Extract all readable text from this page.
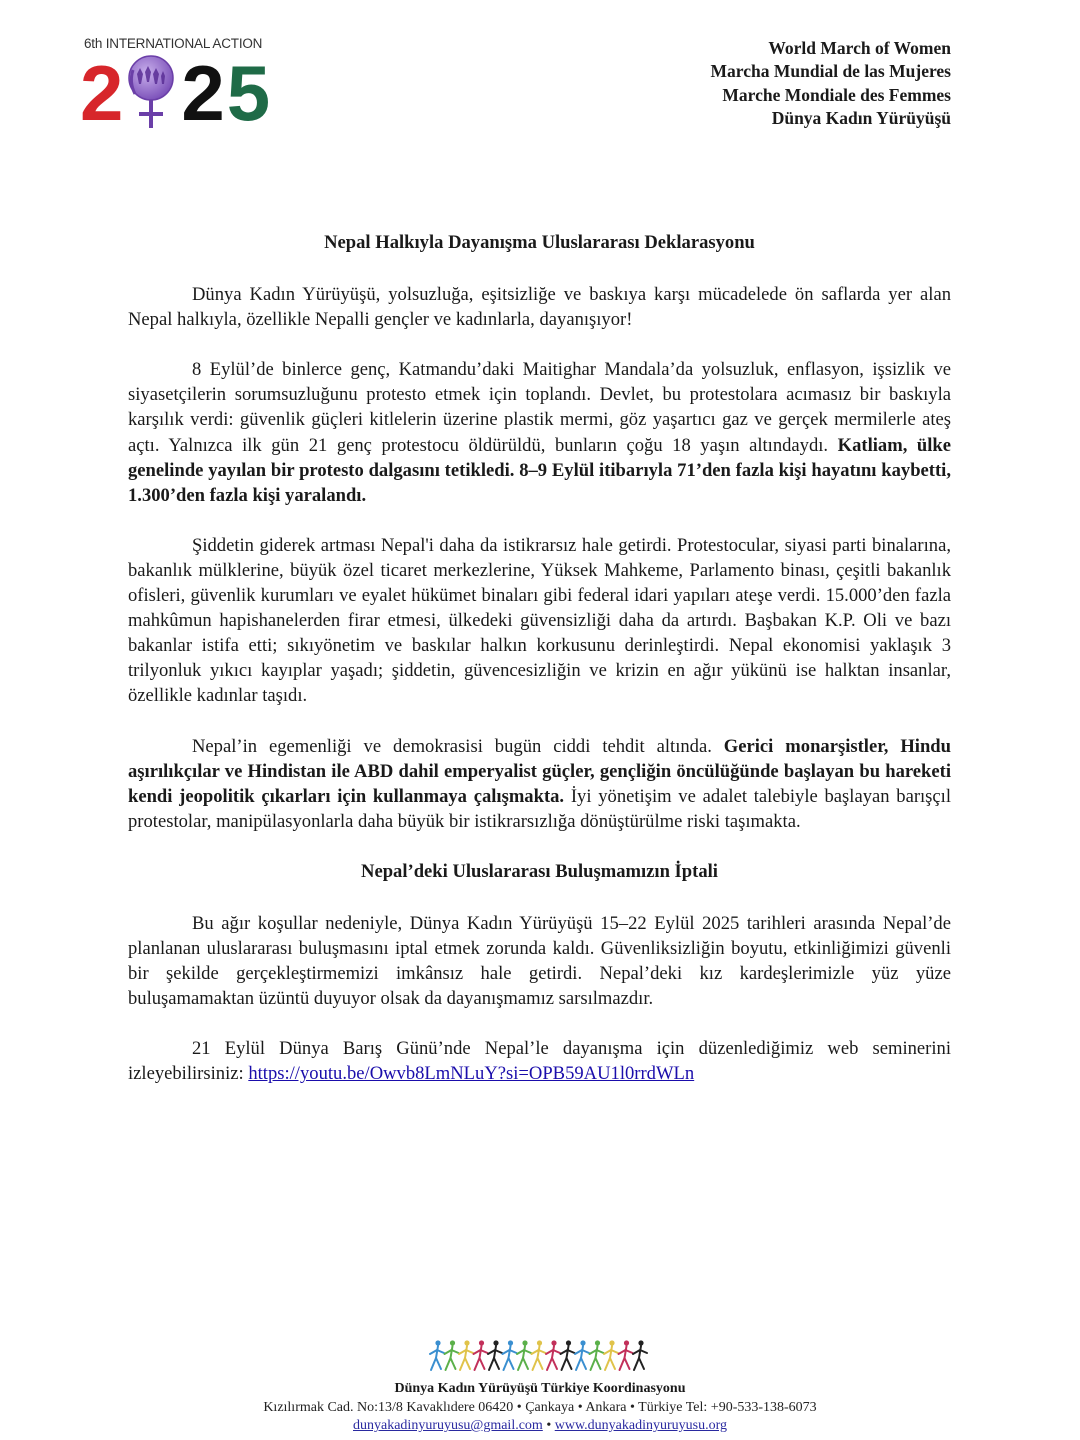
6th INTERNATIONAL ACTION
2 2 5
World March of Women
Marcha Mundial de las Mujeres
Marche Mondiale des Femmes
Dünya Kadın Yürüyüşü

Nepal Halkıyla Dayanışma Uluslararası Deklarasyonu

Dünya Kadın Yürüyüşü, yolsuzluğa, eşitsizliğe ve baskıya karşı mücadelede ön saflarda yer alan Nepal halkıyla, özellikle Nepalli gençler ve kadınlarla, dayanışıyor!

8 Eylül’de binlerce genç, Katmandu’daki Maitighar Mandala’da yolsuzluk, enflasyon, işsizlik ve siyasetçilerin sorumsuzluğunu protesto etmek için toplandı. Devlet, bu protestolara acımasız bir baskıyla karşılık verdi: güvenlik güçleri kitlelerin üzerine plastik mermi, göz yaşartıcı gaz ve gerçek mermilerle ateş açtı. Yalnızca ilk gün 21 genç protestocu öldürüldü, bunların çoğu 18 yaşın altındaydı. Katliam, ülke genelinde yayılan bir protesto dalgasını tetikledi. 8–9 Eylül itibarıyla 71’den fazla kişi hayatını kaybetti, 1.300’den fazla kişi yaralandı.

Şiddetin giderek artması Nepal'i daha da istikrarsız hale getirdi. Protestocular, siyasi parti binalarına, bakanlık mülklerine, büyük özel ticaret merkezlerine, Yüksek Mahkeme, Parlamento binası, çeşitli bakanlık ofisleri, güvenlik kurumları ve eyalet hükümet binaları gibi federal idari yapıları ateşe verdi. 15.000’den fazla mahkûmun hapishanelerden firar etmesi, ülkedeki güvensizliği daha da artırdı. Başbakan K.P. Oli ve bazı bakanlar istifa etti; sıkıyönetim ve baskılar halkın korkusunu derinleştirdi. Nepal ekonomisi yaklaşık 3 trilyonluk yıkıcı kayıplar yaşadı; şiddetin, güvencesizliğin ve krizin en ağır yükünü ise halktan insanlar, özellikle kadınlar taşıdı.

Nepal’in egemenliği ve demokrasisi bugün ciddi tehdit altında. Gerici monarşistler, Hindu aşırılıkçılar ve Hindistan ile ABD dahil emperyalist güçler, gençliğin öncülüğünde başlayan bu hareketi kendi jeopolitik çıkarları için kullanmaya çalışmakta. İyi yönetişim ve adalet talebiyle başlayan barışçıl protestolar, manipülasyonlarla daha büyük bir istikrarsızlığa dönüştürülme riski taşımakta.

Nepal’deki Uluslararası Buluşmamızın İptali

Bu ağır koşullar nedeniyle, Dünya Kadın Yürüyüşü 15–22 Eylül 2025 tarihleri arasında Nepal’de planlanan uluslararası buluşmasını iptal etmek zorunda kaldı. Güvenliksizliğin boyutu, etkinliğimizi güvenli bir şekilde gerçekleştirmemizi imkânsız hale getirdi. Nepal’deki kız kardeşlerimizle yüz yüze buluşamamaktan üzüntü duyuyor olsak da dayanışmamız sarsılmazdır.

21 Eylül Dünya Barış Günü’nde Nepal’le dayanışma için düzenlediğimiz web seminerini izleyebilirsiniz: https://youtu.be/Owvb8LmNLuY?si=OPB59AU1l0rrdWLn

Dünya Kadın Yürüyüşü Türkiye Koordinasyonu
Kızılırmak Cad. No:13/8 Kavaklıdere 06420 • Çankaya • Ankara • Türkiye Tel: +90-533-138-6073
dunyakadinyuruyusu@gmail.com • www.dunyakadinyuruyusu.org
